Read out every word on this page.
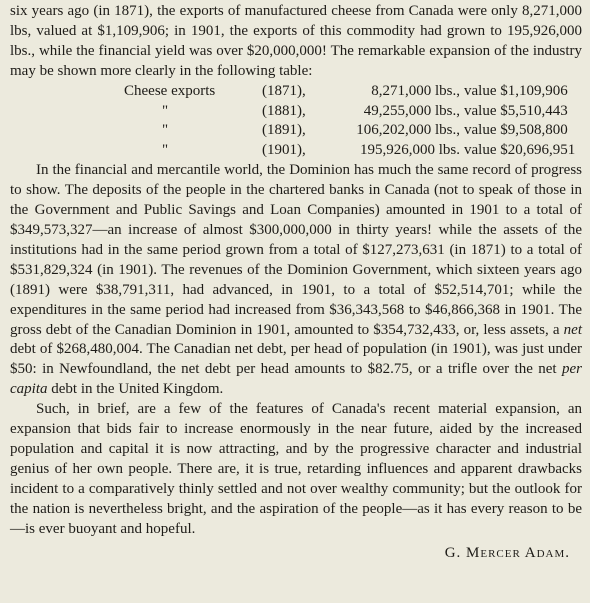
six years ago (in 1871), the exports of manufactured cheese from Canada were only 8,271,000 lbs, valued at $1,109,906; in 1901, the exports of this commodity had grown to 195,926,000 lbs., while the financial yield was over $20,000,000! The remarkable expansion of the industry may be shown more clearly in the following table:

Cheese exports	(1871),	8,271,000 lbs., value $1,109,906
"	(1881),	49,255,000 lbs., value $5,510,443
"	(1891),	106,202,000 lbs., value $9,508,800
"	(1901),	195,926,000 lbs. value $20,696,951

In the financial and mercantile world, the Dominion has much the same record of progress to show. The deposits of the people in the chartered banks in Canada (not to speak of those in the Government and Public Savings and Loan Companies) amounted in 1901 to a total of $349,573,327—an increase of almost $300,000,000 in thirty years! while the assets of the institutions had in the same period grown from a total of $127,273,631 (in 1871) to a total of $531,829,324 (in 1901). The revenues of the Dominion Government, which sixteen years ago (1891) were $38,791,311, had advanced, in 1901, to a total of $52,514,701; while the expenditures in the same period had increased from $36,343,568 to $46,866,368 in 1901. The gross debt of the Canadian Dominion in 1901, amounted to $354,732,433, or, less assets, a net debt of $268,480,004. The Canadian net debt, per head of population (in 1901), was just under $50: in Newfoundland, the net debt per head amounts to $82.75, or a trifle over the net per capita debt in the United Kingdom.

Such, in brief, are a few of the features of Canada's recent material expansion, an expansion that bids fair to increase enormously in the near future, aided by the increased population and capital it is now attracting, and by the progressive character and industrial genius of her own people. There are, it is true, retarding influences and apparent drawbacks incident to a comparatively thinly settled and not over wealthy community; but the outlook for the nation is nevertheless bright, and the aspiration of the people—as it has every reason to be—is ever buoyant and hopeful.

G. Mercer Adam.
